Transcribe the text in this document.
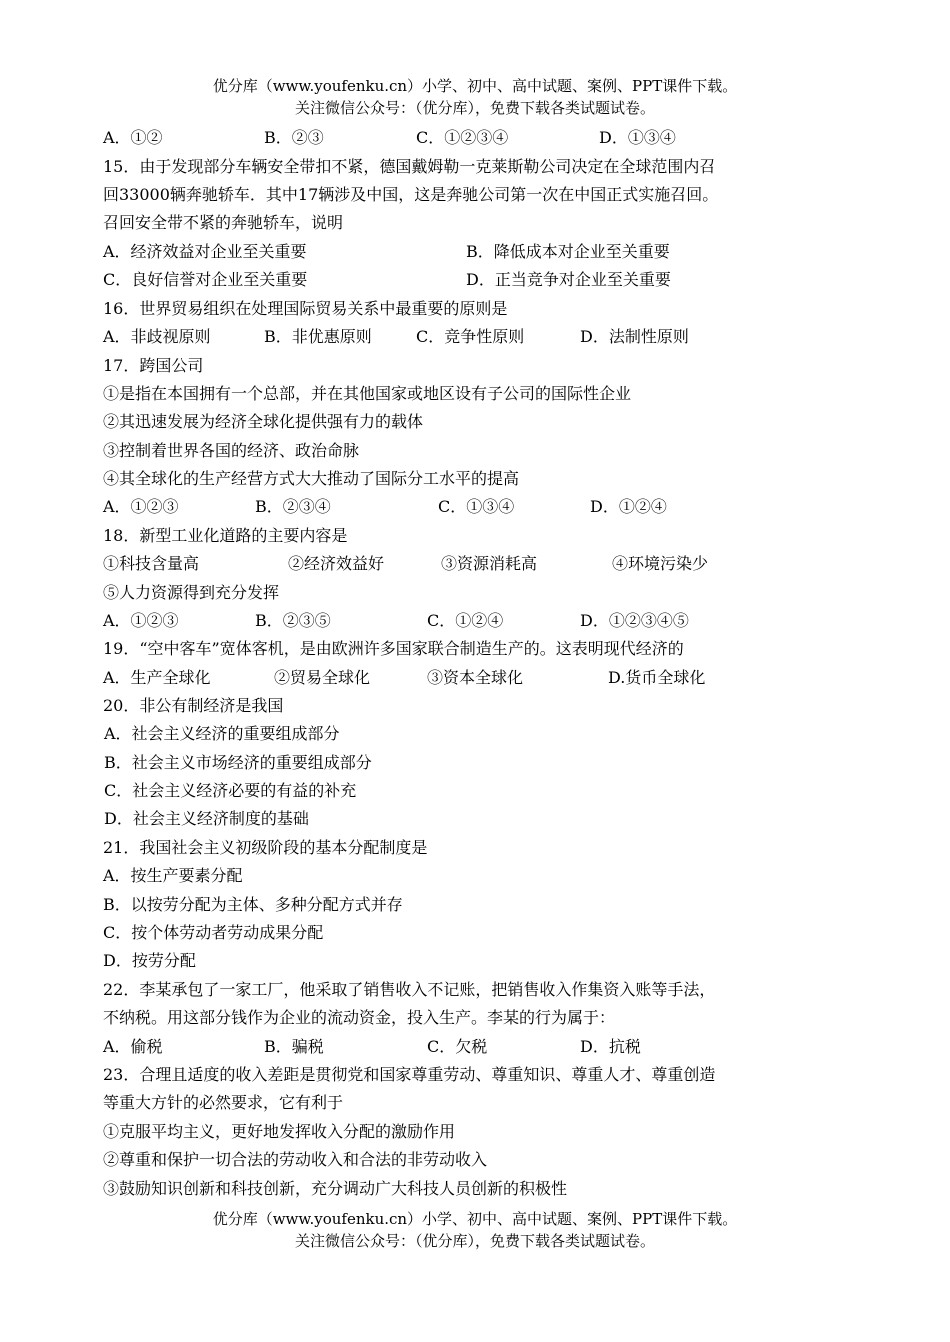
优分库（www.youfenku.cn）小学、初中、高中试题、案例、PPT课件下载。
关注微信公众号：（优分库），免费下载各类试题试卷。
A．①②	B．②③	C．①②③④	D．①③④
15．由于发现部分车辆安全带扣不紧，德国戴姆勒一克莱斯勒公司决定在全球范围内召
回33000辆奔驰轿车．其中17辆涉及中国，这是奔驰公司第一次在中国正式实施召回。
召回安全带不紧的奔驰轿车，说明
A．经济效益对企业至关重要	B．降低成本对企业至关重要
C．良好信誉对企业至关重要	D．正当竞争对企业至关重要
16．世界贸易组织在处理国际贸易关系中最重要的原则是
A．非歧视原则	B．非优惠原则	C．竞争性原则	D．法制性原则
17．跨国公司
①是指在本国拥有一个总部，并在其他国家或地区设有子公司的国际性企业
②其迅速发展为经济全球化提供强有力的载体
③控制着世界各国的经济、政治命脉
④其全球化的生产经营方式大大推动了国际分工水平的提高
A．①②③	B．②③④	C．①③④	D．①②④
18．新型工业化道路的主要内容是
①科技含量高	②经济效益好	③资源消耗高	④环境污染少
⑤人力资源得到充分发挥
A．①②③	B．②③⑤	C．①②④	D．①②③④⑤
19．“空中客车”宽体客机，是由欧洲许多国家联合制造生产的。这表明现代经济的
A．生产全球化	②贸易全球化	③资本全球化	D.货币全球化
20．非公有制经济是我国
A．社会主义经济的重要组成部分
B．社会主义市场经济的重要组成部分
C．社会主义经济必要的有益的补充
D．社会主义经济制度的基础
21．我国社会主义初级阶段的基本分配制度是
A．按生产要素分配
B．以按劳分配为主体、多种分配方式并存
C．按个体劳动者劳动成果分配
D．按劳分配
22．李某承包了一家工厂，他采取了销售收入不记账，把销售收入作集资入账等手法，
不纳税。用这部分钱作为企业的流动资金，投入生产。李某的行为属于：
A．偷税	B．骗税	C．欠税	D．抗税
23．合理且适度的收入差距是贯彻党和国家尊重劳动、尊重知识、尊重人才、尊重创造
等重大方针的必然要求，它有利于
①克服平均主义，更好地发挥收入分配的激励作用
②尊重和保护一切合法的劳动收入和合法的非劳动收入
③鼓励知识创新和科技创新，充分调动广大科技人员创新的积极性
优分库（www.youfenku.cn）小学、初中、高中试题、案例、PPT课件下载。
关注微信公众号：（优分库），免费下载各类试题试卷。
